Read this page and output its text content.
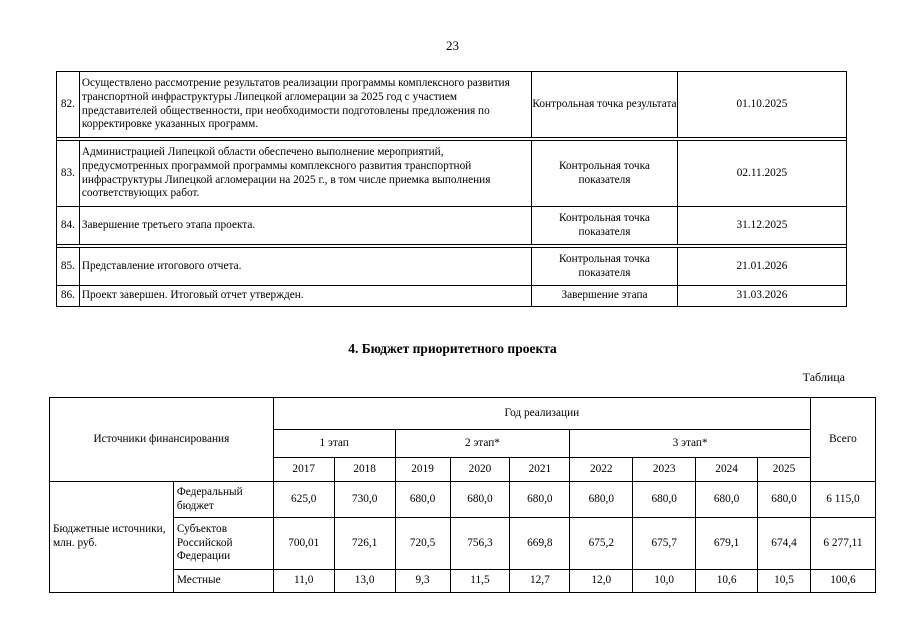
23
82.	Осуществлено рассмотрение результатов реализации программы комплексного развития транспортной инфраструктуры Липецкой агломерации за 2025 год с участием представителей общественности, при необходимости подготовлены предложения по корректировке указанных программ.	Контрольная точка результата	01.10.2025

83.	Администрацией Липецкой области обеспечено выполнение мероприятий, предусмотренных программой программы комплексного развития транспортной инфраструктуры Липецкой агломерации на 2025 г., в том числе приемка выполнения соответствующих работ.	Контрольная точка показателя	02.11.2025
84.	Завершение третьего этапа проекта.	Контрольная точка показателя	31.12.2025

85.	Представление итогового отчета.	Контрольная точка показателя	21.01.2026
86.	Проект завершен. Итоговый отчет утвержден.	Завершение этапа	31.03.2026
4. Бюджет приоритетного проекта
Таблица
Источники финансирования		Год реализации									Всего
		1 этап		2 этап*			3 этап*				
		2017	2018	2019	2020	2021	2022	2023	2024	2025	
Бюджетные источники, млн. руб.	Федеральный бюджет	625,0	730,0	680,0	680,0	680,0	680,0	680,0	680,0	680,0	6 115,0
	Субъектов Российской Федерации	700,01	726,1	720,5	756,3	669,8	675,2	675,7	679,1	674,4	6 277,11
	Местные	11,0	13,0	9,3	11,5	12,7	12,0	10,0	10,6	10,5	100,6
